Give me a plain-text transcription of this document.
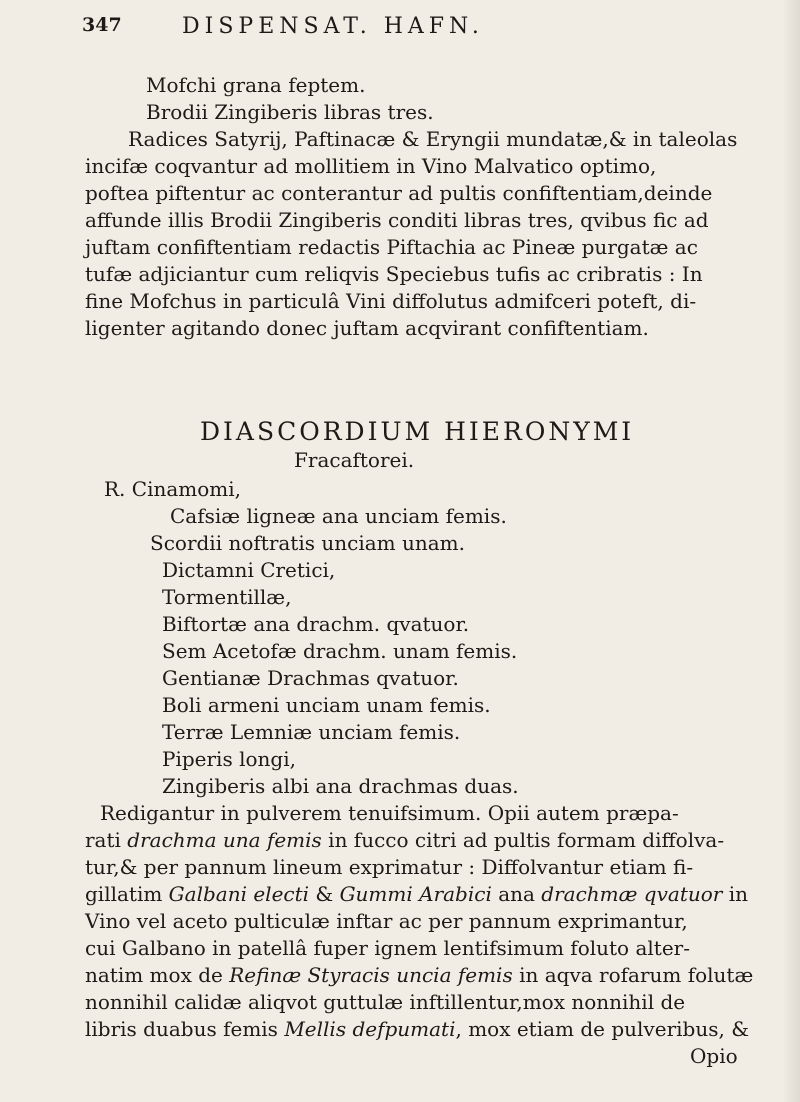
347	DISPENSAT. HAFN.
Mofchi grana feptem.
Brodii Zingiberis libras tres.
Radices Satyrij, Paftinacæ & Eryngii mundatæ,& in taleolas
incifæ coqvantur ad mollitiem in Vino Malvatico optimo,
poftea piftentur ac conterantur ad pultis confiftentiam,deinde
affunde illis Brodii Zingiberis conditi libras tres, qvibus fic ad
juftam confiftentiam redactis Piftachia ac Pineæ purgatæ ac
tufæ adjiciantur cum reliqvis Speciebus tufis ac cribratis : In
fine Mofchus in particulâ Vini diffolutus admifceri poteft, di-
ligenter agitando donec juftam acqvirant confiftentiam.
DIASCORDIUM HIERONYMI
Fracaftorei.
R. Cinamomi,
Cafsiæ ligneæ ana unciam femis.
Scordii noftratis unciam unam.
Dictamni Cretici,
Tormentillæ,
Biftortæ ana drachm. qvatuor.
Sem Acetofæ drachm. unam femis.
Gentianæ Drachmas qvatuor.
Boli armeni unciam unam femis.
Terræ Lemniæ unciam femis.
Piperis longi,
Zingiberis albi ana drachmas duas.
Redigantur in pulverem tenuifsimum. Opii autem præpa-
rati drachma una femis in fucco citri ad pultis formam diffolva-
tur,& per pannum lineum exprimatur : Diffolvantur etiam fi-
gillatim Galbani electi & Gummi Arabici ana drachmæ qvatuor in
Vino vel aceto pulticulæ inftar ac per pannum exprimantur,
cui Galbano in patellâ fuper ignem lentifsimum foluto alter-
natim mox de Refinæ Styracis uncia femis in aqva rofarum folutæ
nonnihil calidæ aliqvot guttulæ inftillentur,mox nonnihil de
libris duabus femis Mellis defpumati, mox etiam de pulveribus, &
Opio
